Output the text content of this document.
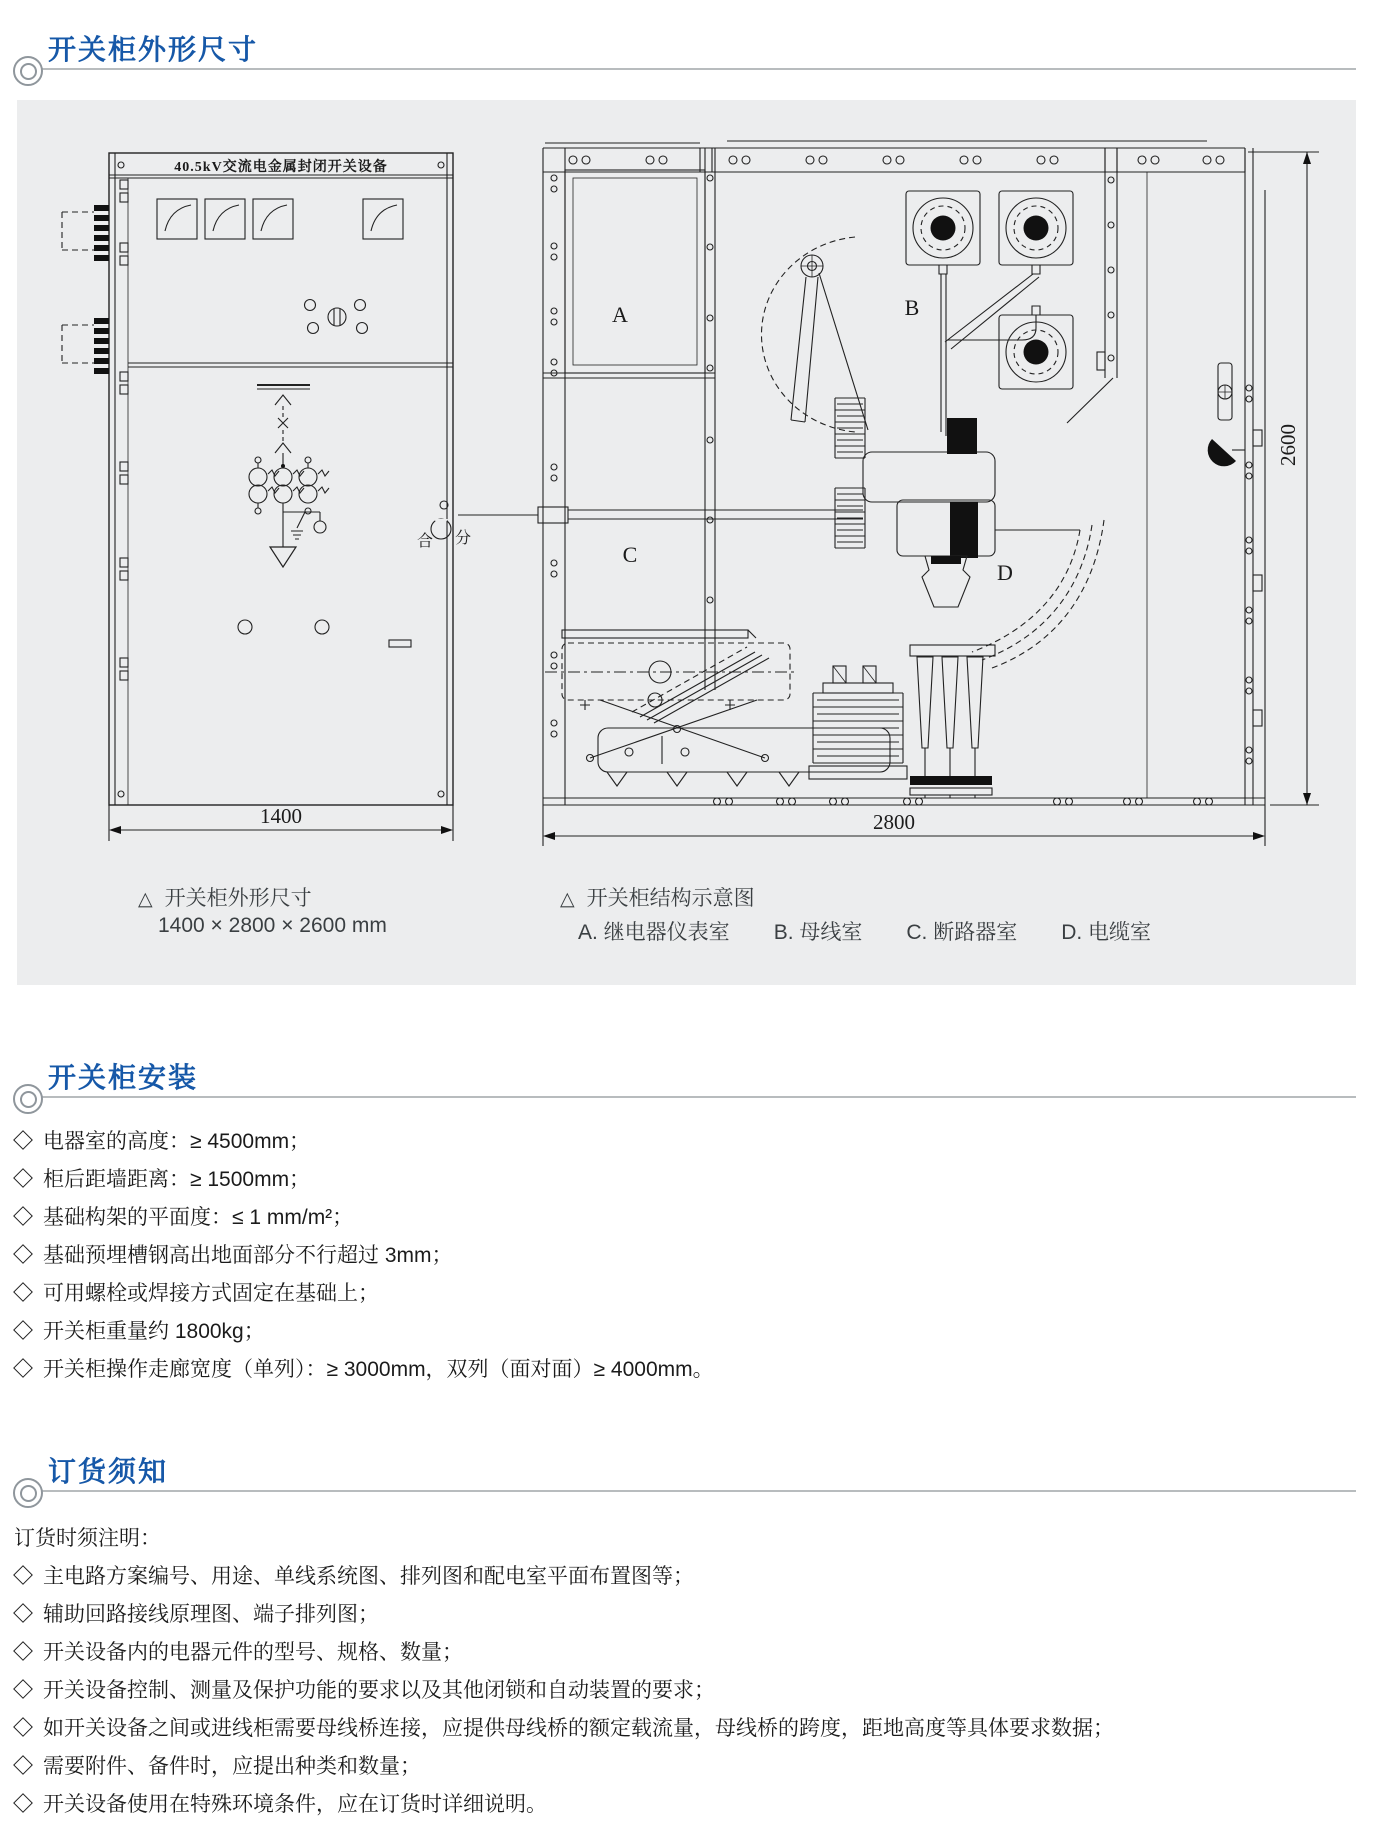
开关柜外形尺寸
40.5kV交流电金属封闭开关设备
合 分
1400
A	B
C
D
2800
2600
△ 开关柜外形尺寸
1400 × 2800 × 2600 mm
△ 开关柜结构示意图
A. 继电器仪表室 B. 母线室 C. 断路器室 D. 电缆室
开关柜安装
电器室的高度：≥ 4500mm；
柜后距墙距离：≥ 1500mm；
基础构架的平面度：≤ 1 mm/m²；
基础预埋槽钢高出地面部分不行超过 3mm；
可用螺栓或焊接方式固定在基础上；
开关柜重量约 1800kg；
开关柜操作走廊宽度（单列）：≥ 3000mm，双列（面对面）≥ 4000mm。
订货须知
订货时须注明：
主电路方案编号、用途、单线系统图、排列图和配电室平面布置图等；
辅助回路接线原理图、端子排列图；
开关设备内的电器元件的型号、规格、数量；
开关设备控制、测量及保护功能的要求以及其他闭锁和自动装置的要求；
如开关设备之间或进线柜需要母线桥连接，应提供母线桥的额定载流量，母线桥的跨度，距地高度等具体要求数据；
需要附件、备件时，应提出种类和数量；
开关设备使用在特殊环境条件，应在订货时详细说明。
